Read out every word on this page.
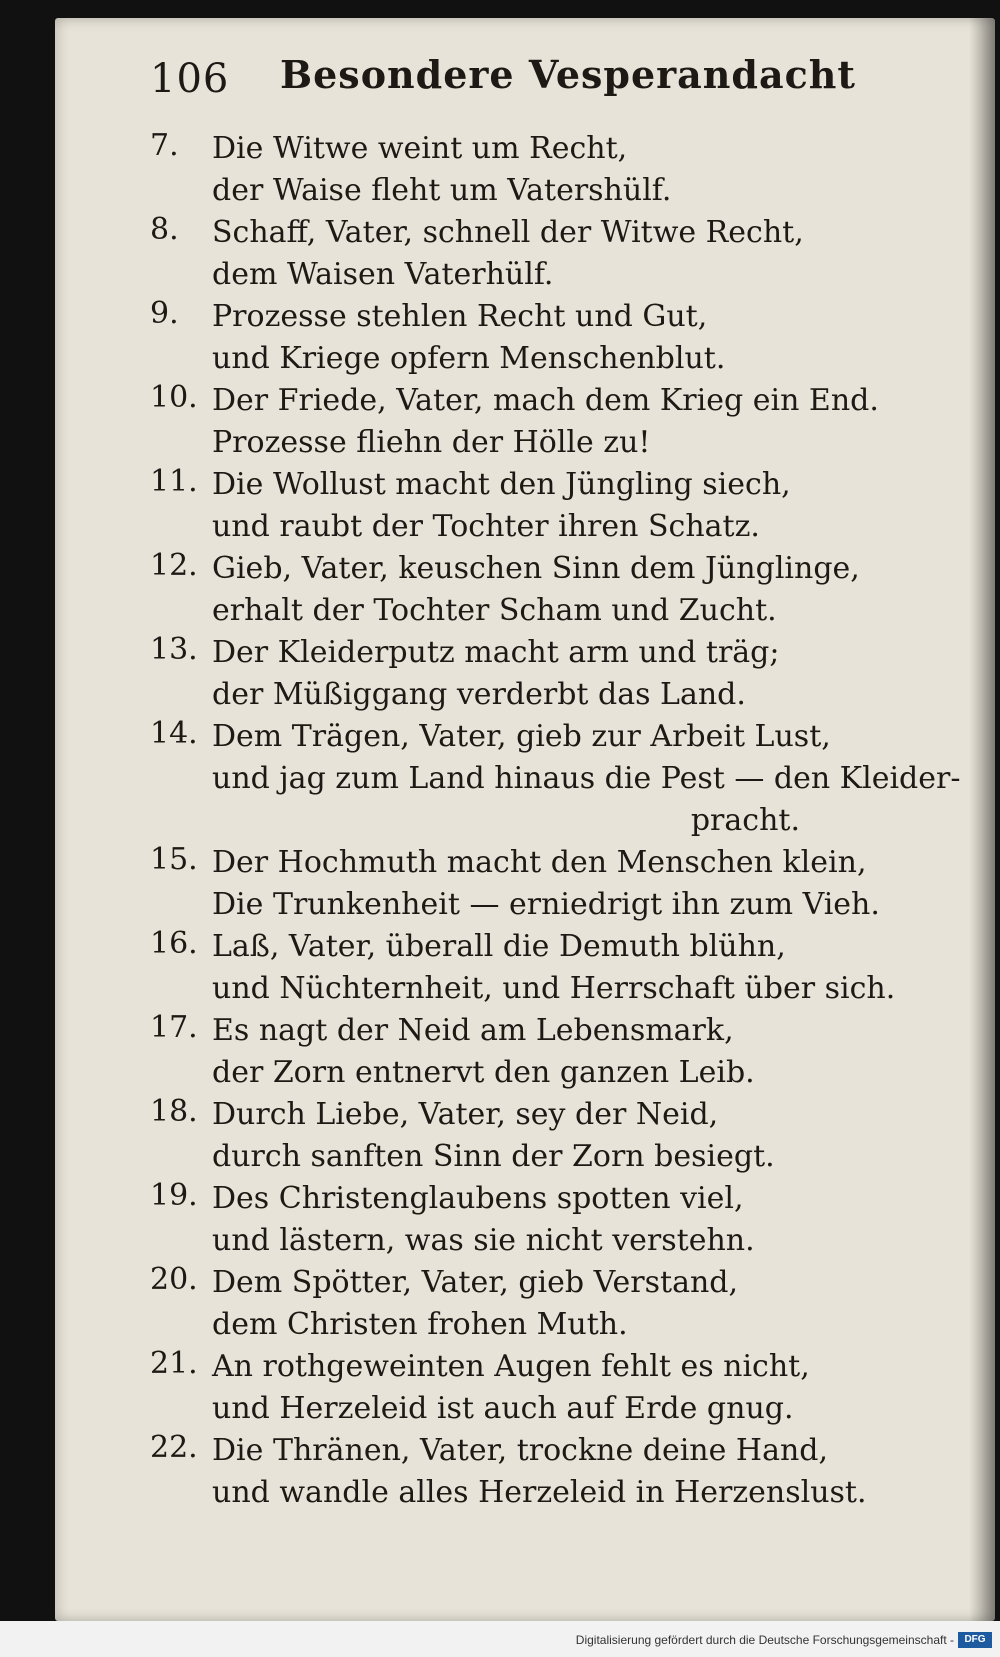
106 Besondere Vesperandacht
7.	Die Witwe weint um Recht,
der Waise fleht um Vatershülf.
8.	Schaff, Vater, schnell der Witwe Recht,
dem Waisen Vaterhülf.
9.	Prozesse stehlen Recht und Gut,
und Kriege opfern Menschenblut.
10. Der Friede, Vater, mach dem Krieg ein End.
Prozesse fliehn der Hölle zu!
11. Die Wollust macht den Jüngling siech,
und raubt der Tochter ihren Schatz.
12. Gieb, Vater, keuschen Sinn dem Jünglinge,
erhalt der Tochter Scham und Zucht.
13. Der Kleiderputz macht arm und träg;
der Müßiggang verderbt das Land.
14. Dem Trägen, Vater, gieb zur Arbeit Lust,
und jag zum Land hinaus die Pest — den Kleider-
pracht.
15. Der Hochmuth macht den Menschen klein,
Die Trunkenheit — erniedrigt ihn zum Vieh.
16. Laß, Vater, überall die Demuth blühn,
und Nüchternheit, und Herrschaft über sich.
17. Es nagt der Neid am Lebensmark,
der Zorn entnervt den ganzen Leib.
18. Durch Liebe, Vater, sey der Neid,
durch sanften Sinn der Zorn besiegt.
19. Des Christenglaubens spotten viel,
und lästern, was sie nicht verstehn.
20. Dem Spötter, Vater, gieb Verstand,
dem Christen frohen Muth.
21. An rothgeweinten Augen fehlt es nicht,
und Herzeleid ist auch auf Erde gnug.
22. Die Thränen, Vater, trockne deine Hand,
und wandle alles Herzeleid in Herzenslust.
Digitalisierung gefördert durch die Deutsche Forschungsgemeinschaft -	DFG
